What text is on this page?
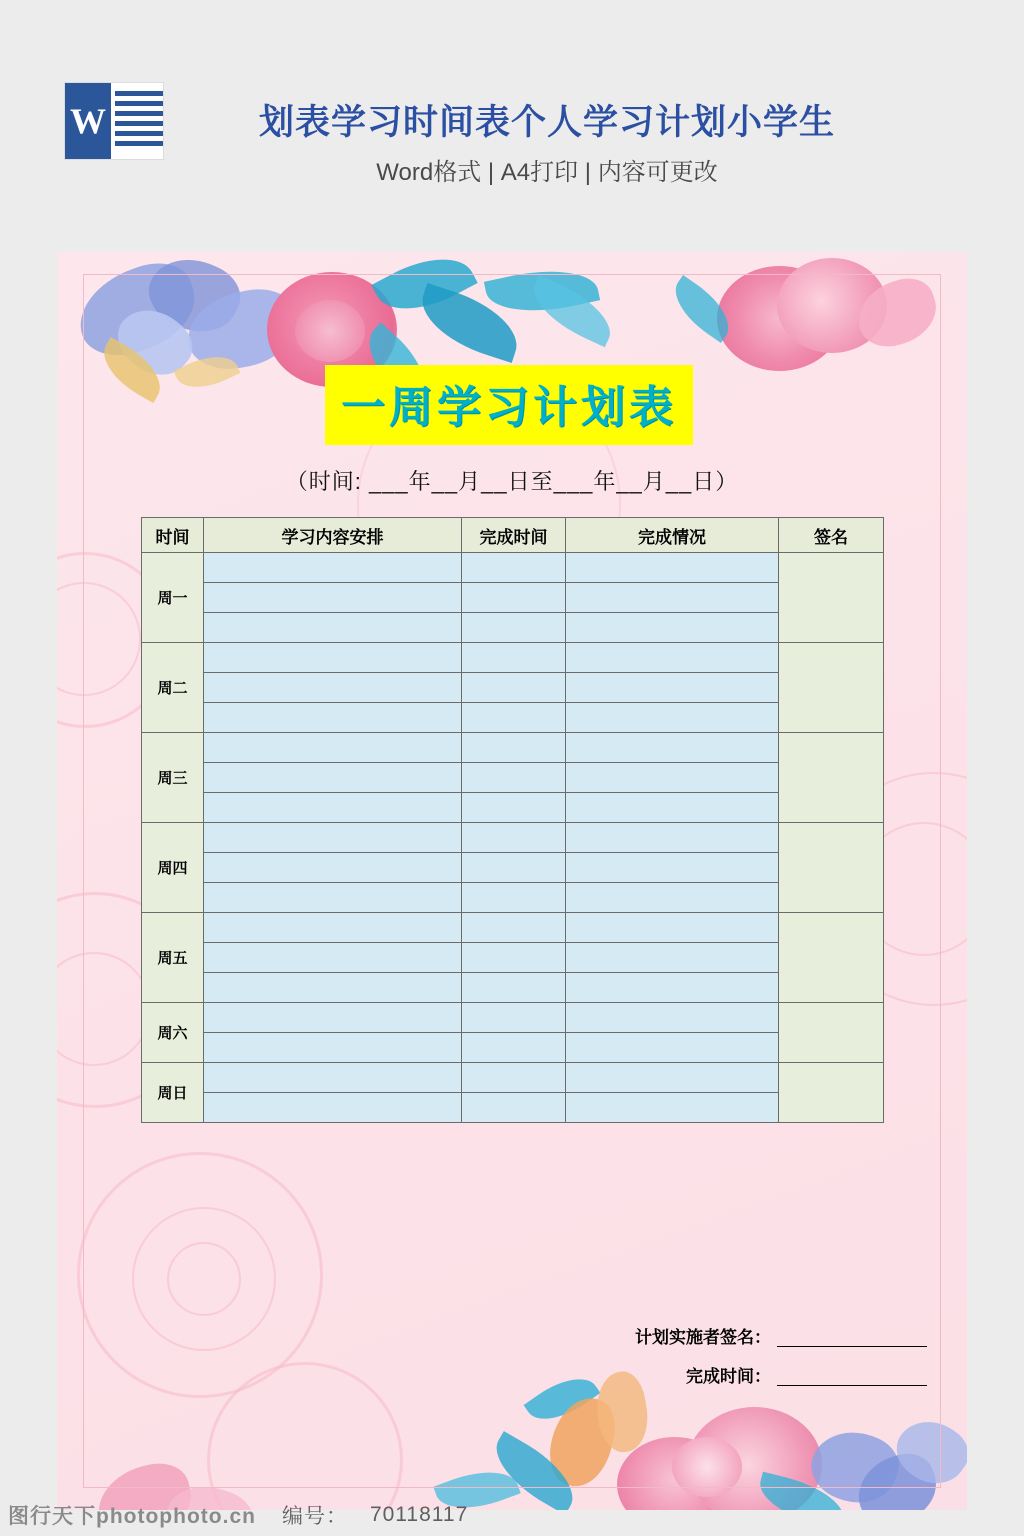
W	划表学习时间表个人学习计划小学生
Word格式 | A4打印 | 内容可更改
一周学习计划表
（时间: ___年__月__日至___年__月__日）
时间	学习内容安排	完成时间	完成情况	签名
周一				

周二				

周三				

周四				

周五				

周六				

周日				

计划实施者签名：
完成时间：
图行天下photophoto.cn 编号： 70118117
